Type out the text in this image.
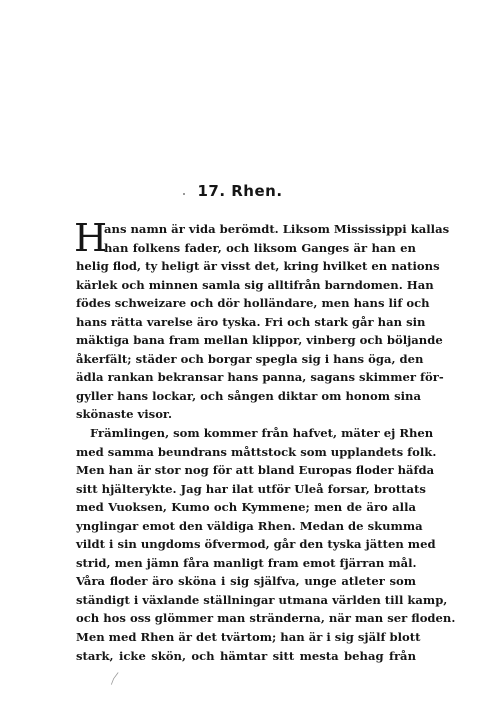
17. Rhen.
H
ans namn är vida berömdt. Liksom Mississippi kallas
han folkens fader, och liksom Ganges är han en
helig flod, ty heligt är visst det, kring hvilket en nations
kärlek och minnen samla sig alltifrån barndomen. Han
födes schweizare och dör holländare, men hans lif och
hans rätta varelse äro tyska. Fri och stark går han sin
mäktiga bana fram mellan klippor, vinberg och böljande
åkerfält; städer och borgar spegla sig i hans öga, den
ädla rankan bekransar hans panna, sagans skimmer för-
gyller hans lockar, och sången diktar om honom sina
skönaste visor.
Främlingen, som kommer från hafvet, mäter ej Rhen
med samma beundrans måttstock som upplandets folk.
Men han är stor nog för att bland Europas floder häfda
sitt hjälterykte. Jag har ilat utför Uleå forsar, brottats
med Vuoksen, Kumo och Kymmene; men de äro alla
ynglingar emot den väldiga Rhen. Medan de skumma
vildt i sin ungdoms öfvermod, går den tyska jätten med
strid, men jämn fåra manligt fram emot fjärran mål.
Våra floder äro sköna i sig själfva, unge atleter som
ständigt i växlande ställningar utmana världen till kamp,
och hos oss glömmer man stränderna, när man ser floden.
Men med Rhen är det tvärtom; han är i sig själf blott
stark, icke skön, och hämtar sitt mesta behag från
